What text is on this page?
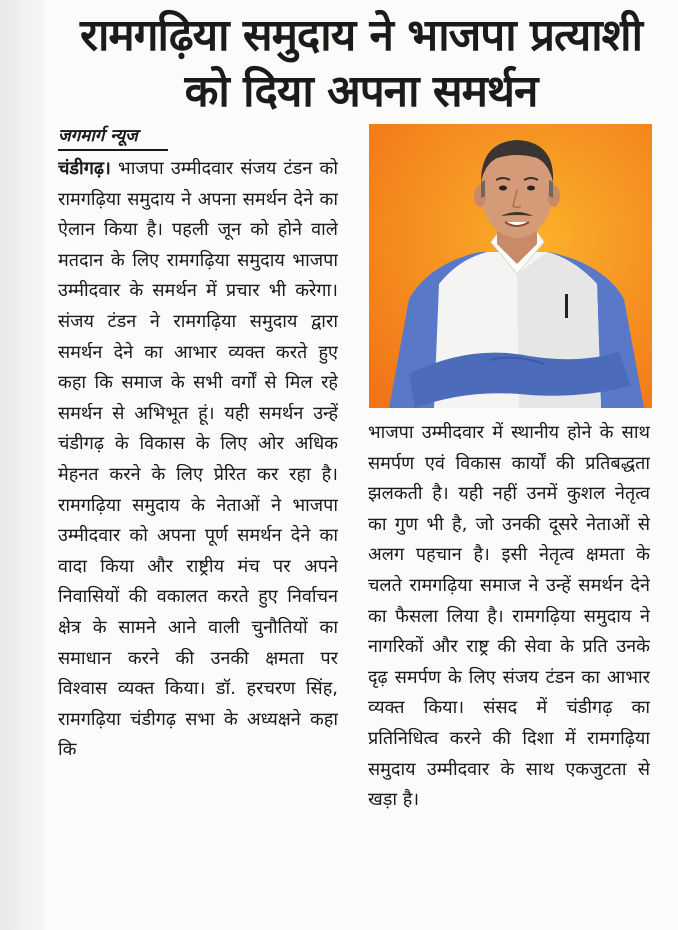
रामगढ़िया समुदाय ने भाजपा प्रत्याशी
को दिया अपना समर्थन
जगमार्ग न्यूज
चंडीगढ़। भाजपा उम्मीदवार संजय टंडन को रामगढ़िया समुदाय ने अपना समर्थन देने का ऐलान किया है। पहली जून को होने वाले मतदान के लिए रामगढ़िया समुदाय भाजपा उम्मीदवार के समर्थन में प्रचार भी करेगा। संजय टंडन ने रामगढ़िया समुदाय द्वारा समर्थन देने का आभार व्यक्त करते हुए कहा कि समाज के सभी वर्गों से मिल रहे समर्थन से अभिभूत हूं। यही समर्थन उन्हें चंडीगढ़ के विकास के लिए ओर अधिक मेहनत करने के लिए प्रेरित कर रहा है। रामगढ़िया समुदाय के नेताओं ने भाजपा उम्मीदवार को अपना पूर्ण समर्थन देने का वादा किया और राष्ट्रीय मंच पर अपने निवासियों की वकालत करते हुए निर्वाचन क्षेत्र के सामने आने वाली चुनौतियों का समाधान करने की उनकी क्षमता पर विश्वास व्यक्त किया। डॉ. हरचरण सिंह, रामगढ़िया चंडीगढ़ सभा के अध्यक्षने कहा कि
भाजपा उम्मीदवार में स्थानीय होने के साथ समर्पण एवं विकास कार्यों की प्रतिबद्धता झलकती है। यही नहीं उनमें कुशल नेतृत्व का गुण भी है, जो उनकी दूसरे नेताओं से अलग पहचान है। इसी नेतृत्व क्षमता के चलते रामगढ़िया समाज ने उन्हें समर्थन देने का फैसला लिया है। रामगढ़िया समुदाय ने नागरिकों और राष्ट्र की सेवा के प्रति उनके दृढ़ समर्पण के लिए संजय टंडन का आभार व्यक्त किया। संसद में चंडीगढ़ का प्रतिनिधित्व करने की दिशा में रामगढ़िया समुदाय उम्मीदवार के साथ एकजुटता से खड़ा है।
